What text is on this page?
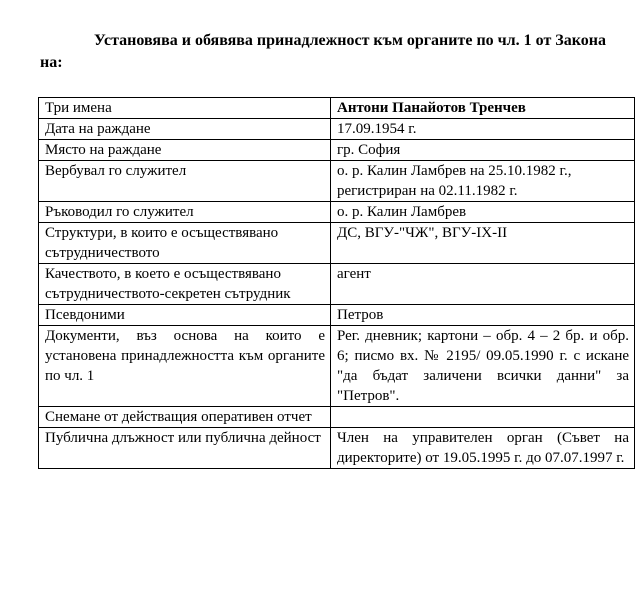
Установява и обявява принадлежност към органите по чл. 1 от Закона на:

Три имена	Антони Панайотов Тренчев
Дата на раждане	17.09.1954 г.
Място на раждане	гр. София
Вербувал го служител	о. р. Калин Ламбрев на 25.10.1982 г., регистриран на 02.11.1982 г.
Ръководил го служител	о. р. Калин Ламбрев
Структури, в които е осъществявано сътрудничеството	ДС, ВГУ-"ЧЖ", ВГУ-IX-II
Качеството, в което е осъществявано сътрудничеството-секретен сътрудник	агент
Псевдоними	Петров
Документи, въз основа на които е установена принадлежността към органите по чл. 1	Рег. дневник; картони – обр. 4 – 2 бр. и обр. 6; писмо вх. № 2195/ 09.05.1990 г. с искане "да бъдат заличени всички данни" за "Петров".
Снемане от действащия оперативен отчет	
Публична длъжност или публична дейност	Член на управителен орган (Съвет на директорите) от 19.05.1995 г. до 07.07.1997 г.
